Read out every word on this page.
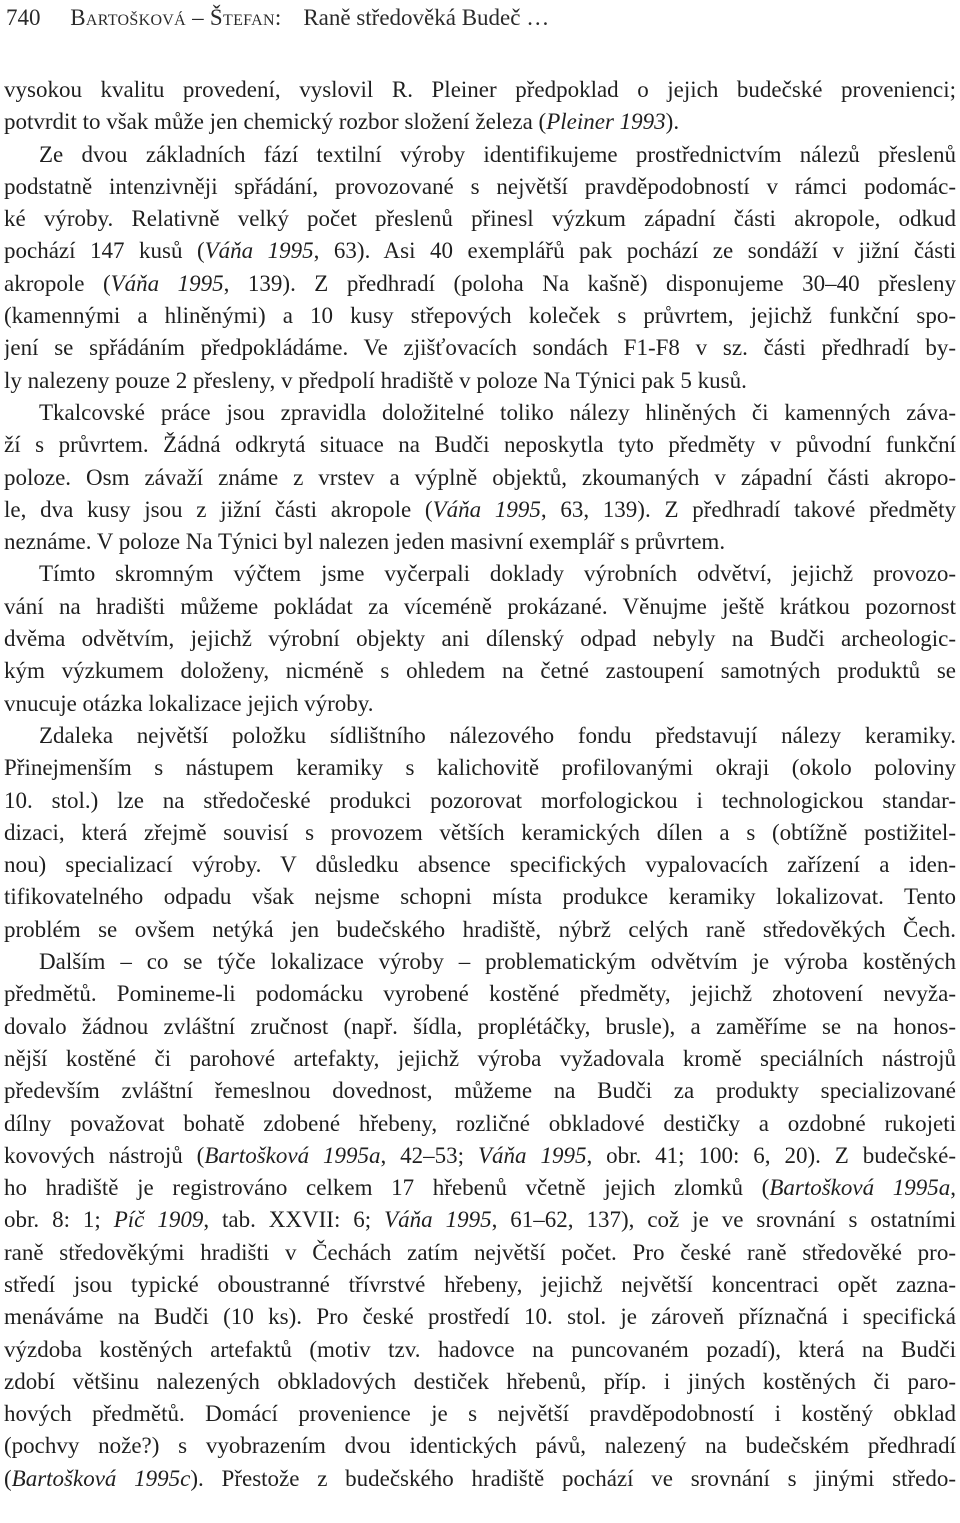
740 Bartošková – Štefan: Raně středověká Budeč …
vysokou kvalitu provedení, vyslovil R. Pleiner předpoklad o jejich budečské provenienci;
potvrdit to však může jen chemický rozbor složení železa (Pleiner 1993).
Ze dvou základních fází textilní výroby identifikujeme prostřednictvím nálezů přeslenů
podstatně intenzivněji spřádání, provozované s největší pravděpodobností v rámci podomác-
ké výroby. Relativně velký počet přeslenů přinesl výzkum západní části akropole, odkud
pochází 147 kusů (Váňa 1995, 63). Asi 40 exemplářů pak pochází ze sondáží v jižní části
akropole (Váňa 1995, 139). Z předhradí (poloha Na kašně) disponujeme 30–40 přesleny
(kamennými a hliněnými) a 10 kusy střepových koleček s průvrtem, jejichž funkční spo-
jení se spřádáním předpokládáme. Ve zjišťovacích sondách F1-F8 v sz. části předhradí by-
ly nalezeny pouze 2 přesleny, v předpolí hradiště v poloze Na Týnici pak 5 kusů.
Tkalcovské práce jsou zpravidla doložitelné toliko nálezy hliněných či kamenných záva-
ží s průvrtem. Žádná odkrytá situace na Budči neposkytla tyto předměty v původní funkční
poloze. Osm závaží známe z vrstev a výplně objektů, zkoumaných v západní části akropo-
le, dva kusy jsou z jižní části akropole (Váňa 1995, 63, 139). Z předhradí takové předměty
neznáme. V poloze Na Týnici byl nalezen jeden masivní exemplář s průvrtem.
Tímto skromným výčtem jsme vyčerpali doklady výrobních odvětví, jejichž provozo-
vání na hradišti můžeme pokládat za víceméně prokázané. Věnujme ještě krátkou pozornost
dvěma odvětvím, jejichž výrobní objekty ani dílenský odpad nebyly na Budči archeologic-
kým výzkumem doloženy, nicméně s ohledem na četné zastoupení samotných produktů se
vnucuje otázka lokalizace jejich výroby.
Zdaleka největší položku sídlištního nálezového fondu představují nálezy keramiky.
Přinejmenším s nástupem keramiky s kalichovitě profilovanými okraji (okolo poloviny
10. stol.) lze na středočeské produkci pozorovat morfologickou i technologickou standar-
dizaci, která zřejmě souvisí s provozem větších keramických dílen a s (obtížně postižitel-
nou) specializací výroby. V důsledku absence specifických vypalovacích zařízení a iden-
tifikovatelného odpadu však nejsme schopni místa produkce keramiky lokalizovat. Tento
problém se ovšem netýká jen budečského hradiště, nýbrž celých raně středověkých Čech.
Dalším – co se týče lokalizace výroby – problematickým odvětvím je výroba kostěných
předmětů. Pomineme-li podomácku vyrobené kostěné předměty, jejichž zhotovení nevyža-
dovalo žádnou zvláštní zručnost (např. šídla, proplétáčky, brusle), a zaměříme se na honos-
nější kostěné či parohové artefakty, jejichž výroba vyžadovala kromě speciálních nástrojů
především zvláštní řemeslnou dovednost, můžeme na Budči za produkty specializované
dílny považovat bohatě zdobené hřebeny, rozličné obkladové destičky a ozdobné rukojeti
kovových nástrojů (Bartošková 1995a, 42–53; Váňa 1995, obr. 41; 100: 6, 20). Z budečské-
ho hradiště je registrováno celkem 17 hřebenů včetně jejich zlomků (Bartošková 1995a,
obr. 8: 1; Píč 1909, tab. XXVII: 6; Váňa 1995, 61–62, 137), což je ve srovnání s ostatními
raně středověkými hradišti v Čechách zatím největší počet. Pro české raně středověké pro-
středí jsou typické oboustranné třívrstvé hřebeny, jejichž největší koncentraci opět zazna-
menáváme na Budči (10 ks). Pro české prostředí 10. stol. je zároveň příznačná i specifická
výzdoba kostěných artefaktů (motiv tzv. hadovce na puncovaném pozadí), která na Budči
zdobí většinu nalezených obkladových destiček hřebenů, příp. i jiných kostěných či paro-
hových předmětů. Domácí provenience je s největší pravděpodobností i kostěný obklad
(pochvy nože?) s vyobrazením dvou identických pávů, nalezený na budečském předhradí
(Bartošková 1995c). Přestože z budečského hradiště pochází ve srovnání s jinými středo-
